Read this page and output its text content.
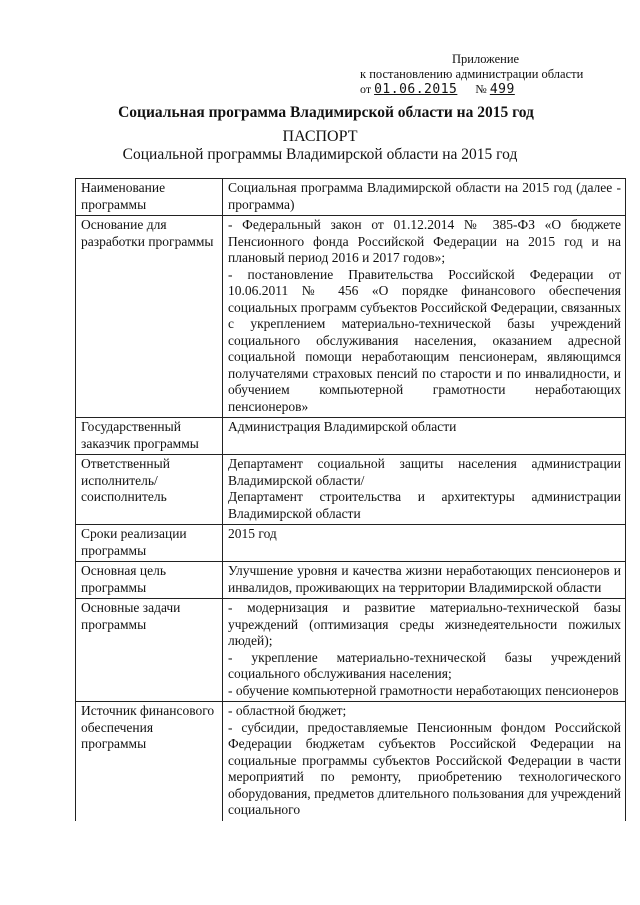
Приложение
к постановлению администрации области
от 01.06.2015 № 499
Социальная программа Владимирской области на 2015 год
ПАСПОРТ
Социальной программы Владимирской области на 2015 год
Наименование программы	Социальная программа Владимирской области на 2015 год (далее - программа)

Основание для разработки программы	- Федеральный закон от 01.12.2014 № 385-ФЗ «О бюджете Пенсионного фонда Российской Федерации на 2015 год и на плановый период 2016 и 2017 годов»;

- постановление Правительства Российской Федерации от 10.06.2011 № 456 «О порядке финансового обеспечения социальных программ субъектов Российской Федерации, связанных с укреплением материально-технической базы учреждений социального обслуживания населения, оказанием адресной социальной помощи неработающим пенсионерам, являющимся получателями страховых пенсий по старости и по инвалидности, и обучением компьютерной грамотности неработающих пенсионеров»

Государственный заказчик программы	Администрация Владимирской области

Ответственный исполнитель/ соисполнитель	Департамент социальной защиты населения администрации Владимирской области/

Департамент строительства и архитектуры администрации Владимирской области

Сроки реализации программы	2015 год

Основная цель программы	Улучшение уровня и качества жизни неработающих пенсионеров и инвалидов, проживающих на территории Владимирской области

Основные задачи программы	- модернизация и развитие материально-технической базы учреждений (оптимизация среды жизнедеятельности пожилых людей);

- укрепление материально-технической базы учреждений социального обслуживания населения;

- обучение компьютерной грамотности неработающих пенсионеров

Источник финансового обеспечения программы	- областной бюджет;

- субсидии, предоставляемые Пенсионным фондом Российской Федерации бюджетам субъектов Российской Федерации на социальные программы субъектов Российской Федерации в части мероприятий по ремонту, приобретению технологического оборудования, предметов длительного пользования для учреждений социального
